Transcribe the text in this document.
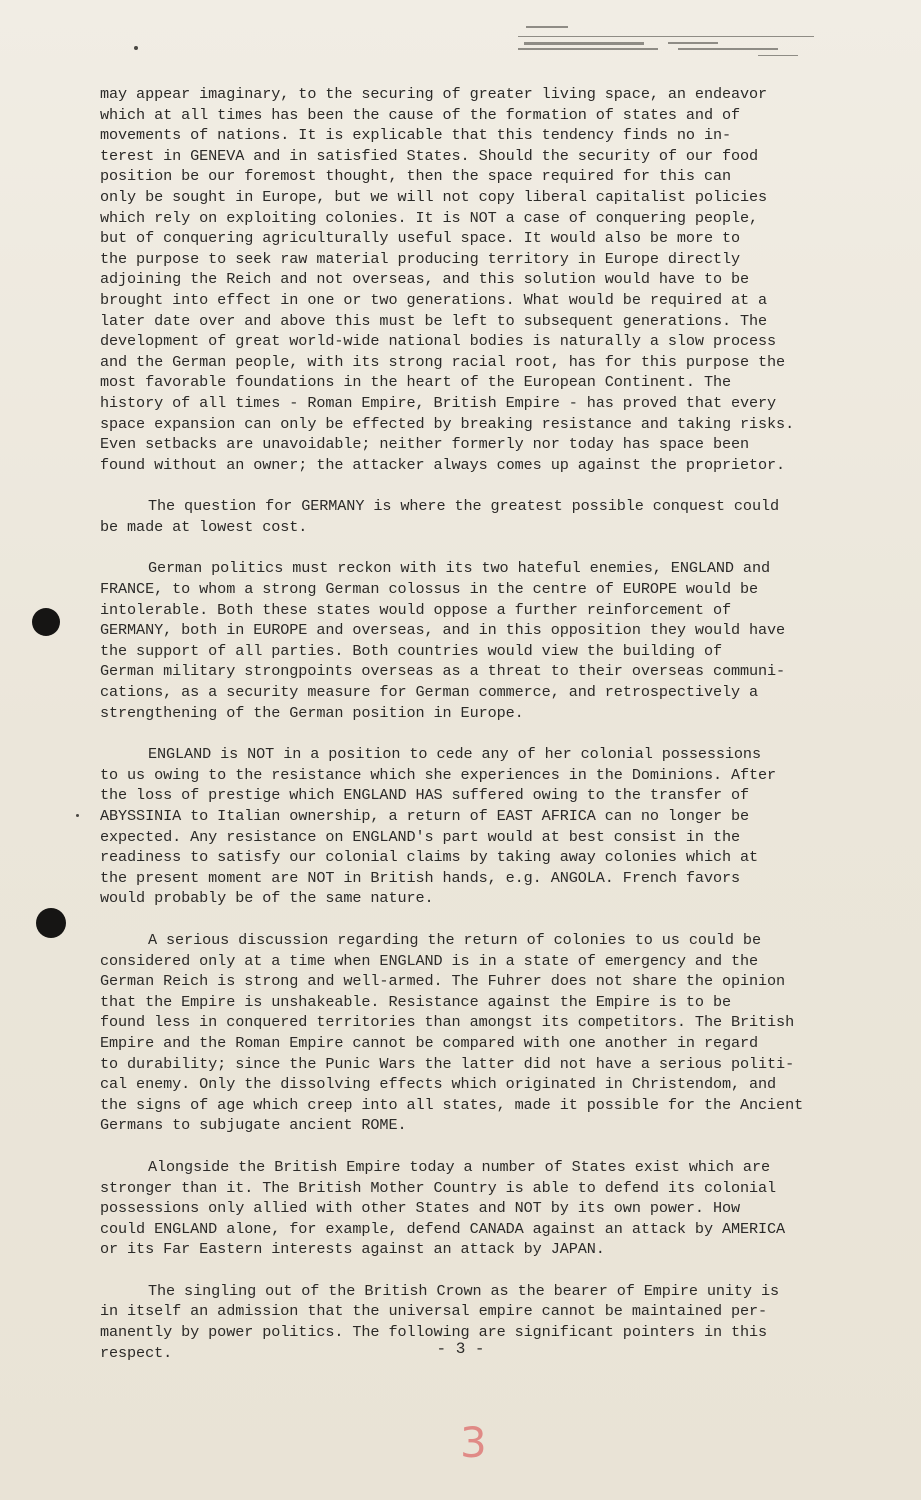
may appear imaginary, to the securing of greater living space, an endeavor
which at all times has been the cause of the formation of states and of
movements of nations. It is explicable that this tendency finds no in-
terest in GENEVA and in satisfied States. Should the security of our food
position be our foremost thought, then the space required for this can
only be sought in Europe, but we will not copy liberal capitalist policies
which rely on exploiting colonies. It is NOT a case of conquering people,
but of conquering agriculturally useful space. It would also be more to
the purpose to seek raw material producing territory in Europe directly
adjoining the Reich and not overseas, and this solution would have to be
brought into effect in one or two generations. What would be required at a
later date over and above this must be left to subsequent generations. The
development of great world-wide national bodies is naturally a slow process
and the German people, with its strong racial root, has for this purpose the
most favorable foundations in the heart of the European Continent. The
history of all times - Roman Empire, British Empire - has proved that every
space expansion can only be effected by breaking resistance and taking risks.
Even setbacks are unavoidable; neither formerly nor today has space been
found without an owner; the attacker always comes up against the proprietor.

The question for GERMANY is where the greatest possible conquest could
be made at lowest cost.

German politics must reckon with its two hateful enemies, ENGLAND and
FRANCE, to whom a strong German colossus in the centre of EUROPE would be
intolerable. Both these states would oppose a further reinforcement of
GERMANY, both in EUROPE and overseas, and in this opposition they would have
the support of all parties. Both countries would view the building of
German military strongpoints overseas as a threat to their overseas communi-
cations, as a security measure for German commerce, and retrospectively a
strengthening of the German position in Europe.

ENGLAND is NOT in a position to cede any of her colonial possessions
to us owing to the resistance which she experiences in the Dominions. After
the loss of prestige which ENGLAND HAS suffered owing to the transfer of
ABYSSINIA to Italian ownership, a return of EAST AFRICA can no longer be
expected. Any resistance on ENGLAND's part would at best consist in the
readiness to satisfy our colonial claims by taking away colonies which at
the present moment are NOT in British hands, e.g. ANGOLA. French favors
would probably be of the same nature.

A serious discussion regarding the return of colonies to us could be
considered only at a time when ENGLAND is in a state of emergency and the
German Reich is strong and well-armed. The Fuhrer does not share the opinion
that the Empire is unshakeable. Resistance against the Empire is to be
found less in conquered territories than amongst its competitors. The British
Empire and the Roman Empire cannot be compared with one another in regard
to durability; since the Punic Wars the latter did not have a serious politi-
cal enemy. Only the dissolving effects which originated in Christendom, and
the signs of age which creep into all states, made it possible for the Ancient
Germans to subjugate ancient ROME.

Alongside the British Empire today a number of States exist which are
stronger than it. The British Mother Country is able to defend its colonial
possessions only allied with other States and NOT by its own power. How
could ENGLAND alone, for example, defend CANADA against an attack by AMERICA
or its Far Eastern interests against an attack by JAPAN.

The singling out of the British Crown as the bearer of Empire unity is
in itself an admission that the universal empire cannot be maintained per-
manently by power politics. The following are significant pointers in this
respect.	- 3 -
3
